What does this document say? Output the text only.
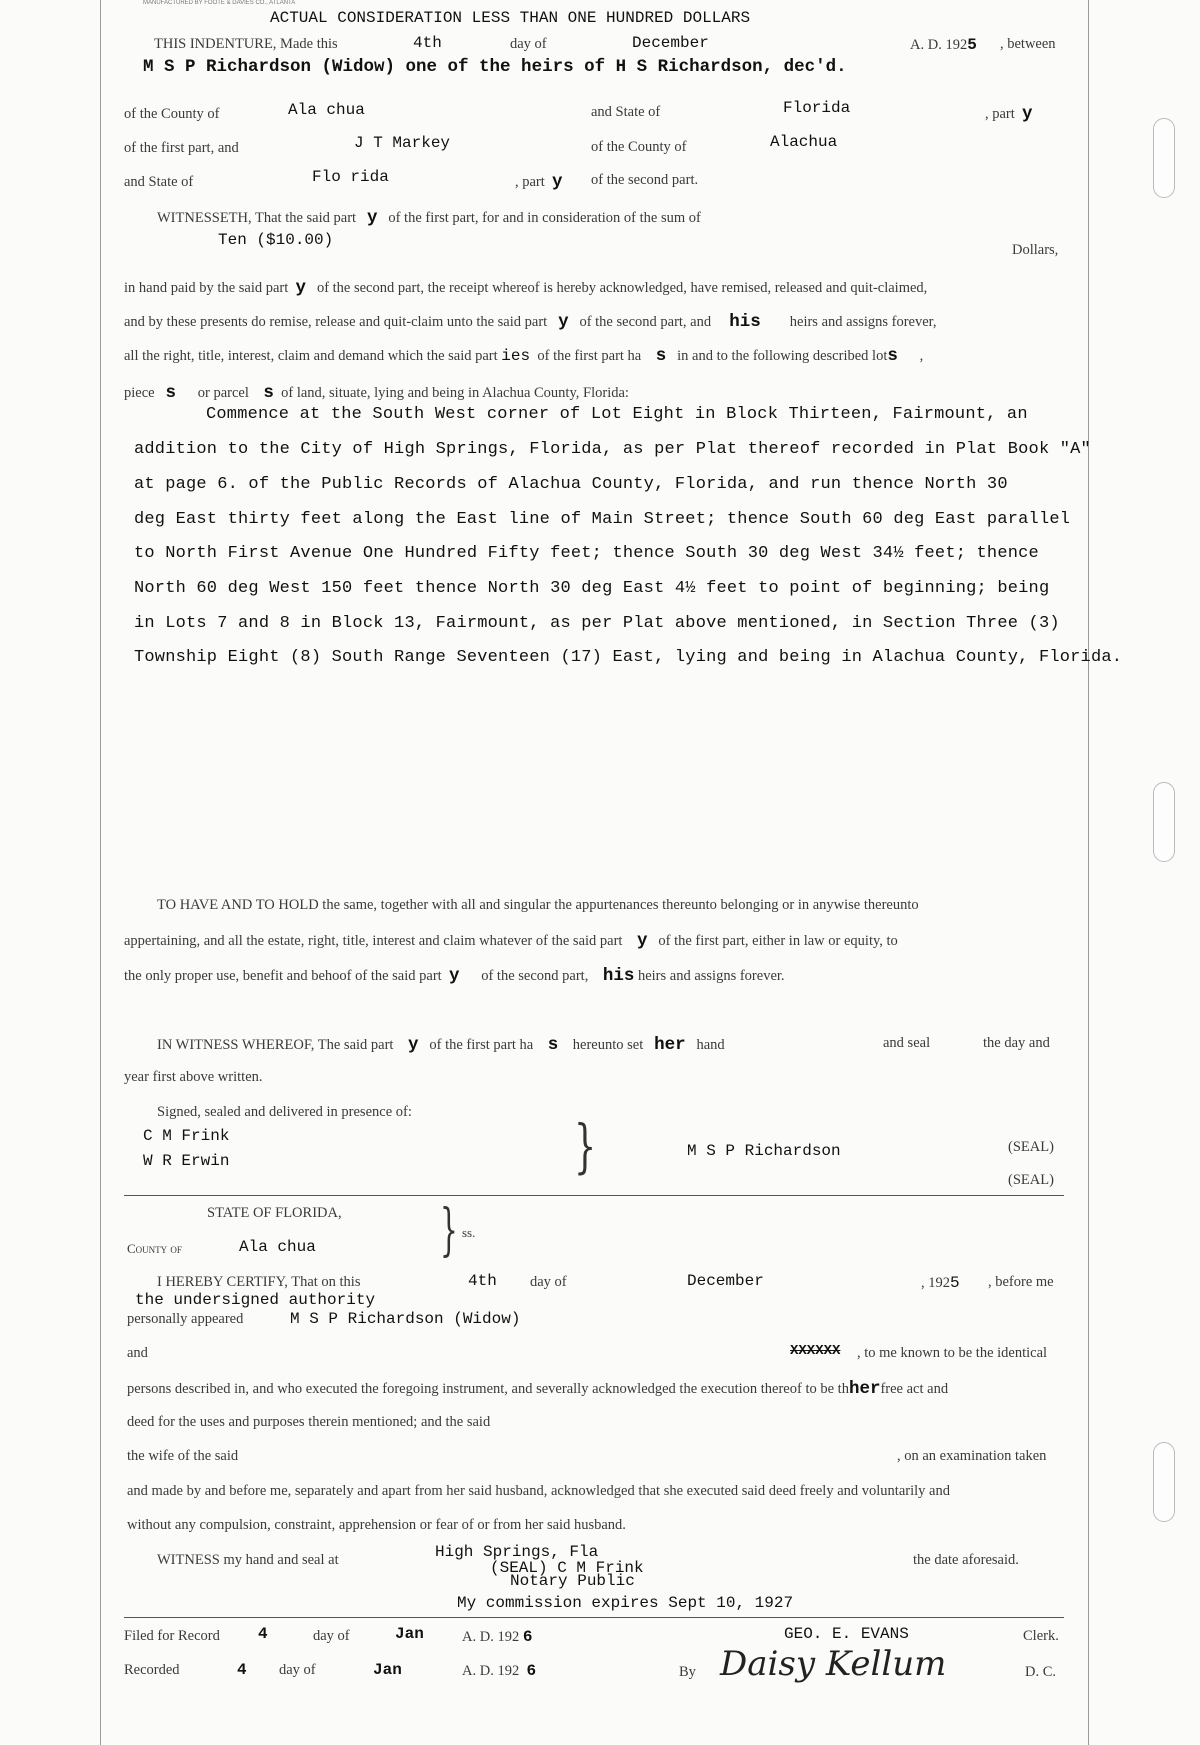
MANUFACTURED BY FOOTE & DAVIES CO., ATLANTA
ACTUAL CONSIDERATION LESS THAN ONE HUNDRED DOLLARS
THIS INDENTURE, Made this	4th	day of	December	A. D. 1925 , between
M S P Richardson (Widow) one of the heirs of H S Richardson, dec'd.
of the County of	Ala chua	and State of	Florida	, part y
of the first part, and	J T Markey	of the County of	Alachua
and State of	Flo rida	, part y of the second part.
WITNESSETH, That the said part y of the first part, for and in consideration of the sum of
Ten ($10.00)
Dollars,
in hand paid by the said part y of the second part, the receipt whereof is hereby acknowledged, have remised, released and quit-claimed,
and by these presents do remise, release and quit-claim unto the said part y of the second part, and his heirs and assigns forever,
all the right, title, interest, claim and demand which the said part ies of the first part ha s in and to the following described lots ,
piece s or parcel s of land, situate, lying and being in Alachua County, Florida:
Commence at the South West corner of Lot Eight in Block Thirteen, Fairmount, an
addition to the City of High Springs, Florida, as per Plat thereof recorded in Plat Book "A"
at page 6. of the Public Records of Alachua County, Florida, and run thence North 30
deg East thirty feet along the East line of Main Street; thence South 60 deg East parallel
to North First Avenue One Hundred Fifty feet; thence South 30 deg West 34½ feet; thence
North 60 deg West 150 feet thence North 30 deg East 4½ feet to point of beginning; being
in Lots 7 and 8 in Block 13, Fairmount, as per Plat above mentioned, in Section Three (3)
Township Eight (8) South Range Seventeen (17) East, lying and being in Alachua County, Florida.
TO HAVE AND TO HOLD the same, together with all and singular the appurtenances thereunto belonging or in anywise thereunto
appertaining, and all the estate, right, title, interest and claim whatever of the said part y of the first part, either in law or equity, to
the only proper use, benefit and behoof of the said part y of the second part, his heirs and assigns forever.
IN WITNESS WHEREOF, The said part y of the first part ha s hereunto set her hand	and seal	the day and
year first above written.
Signed, sealed and delivered in presence of:
C M Frink
W R Erwin	}	M S P Richardson	(SEAL)
(SEAL)
STATE OF FLORIDA,
County of	Ala chua } ss.
I HEREBY CERTIFY, That on this	4th day of	December	, 1925 , before me
the undersigned authority
personally appeared	M S P Richardson (Widow)
and	XXXXXX , to me known to be the identical
persons described in, and who executed the foregoing instrument, and severally acknowledged the execution thereof to be thherfree act and
deed for the uses and purposes therein mentioned; and the said
the wife of the said	, on an examination taken
and made by and before me, separately and apart from her said husband, acknowledged that she executed said deed freely and voluntarily and
without any compulsion, constraint, apprehension or fear of or from her said husband.
WITNESS my hand and seal at	High Springs, Fla
(SEAL) C M Frink
Notary Public
the date aforesaid.
My commission expires Sept 10, 1927
Filed for Record 4	day of	Jan	A. D. 192 6	GEO. E. EVANS	Clerk.
Recorded	4 day of	Jan	A. D. 192 6	By Daisy Kellum	D. C.
